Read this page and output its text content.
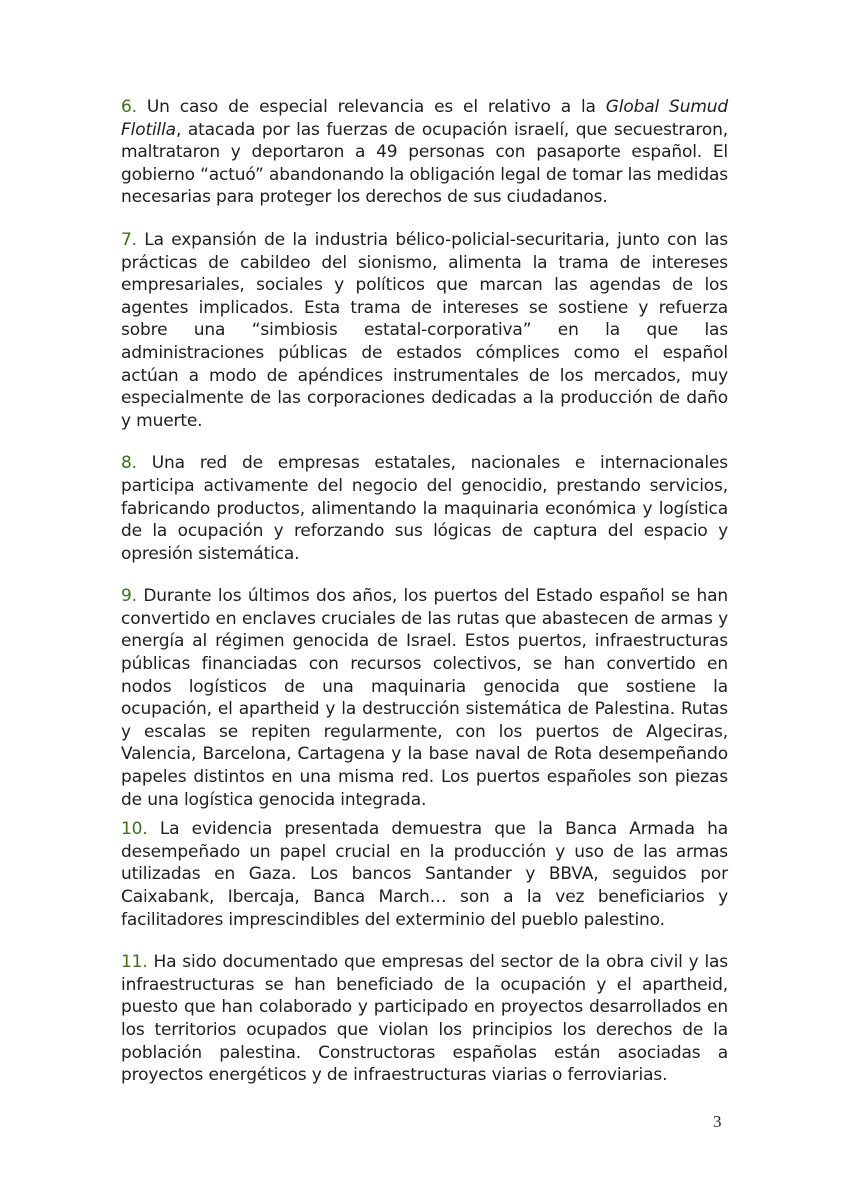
6. Un caso de especial relevancia es el relativo a la Global Sumud Flotilla, atacada por las fuerzas de ocupación israelí, que secuestraron, maltrataron y deportaron a 49 personas con pasaporte español. El gobierno “actuó” abandonando la obligación legal de tomar las medidas necesarias para proteger los derechos de sus ciudadanos.

7. La expansión de la industria bélico-policial-securitaria, junto con las prácticas de cabildeo del sionismo, alimenta la trama de intereses empresariales, sociales y políticos que marcan las agendas de los agentes implicados. Esta trama de intereses se sostiene y refuerza sobre una “simbiosis estatal-corporativa” en la que las administraciones públicas de estados cómplices como el español actúan a modo de apéndices instrumentales de los mercados, muy especialmente de las corporaciones dedicadas a la producción de daño y muerte.

8. Una red de empresas estatales, nacionales e internacionales participa activamente del negocio del genocidio, prestando servicios, fabricando productos, alimentando la maquinaria económica y logística de la ocupación y reforzando sus lógicas de captura del espacio y opresión sistemática.

9. Durante los últimos dos años, los puertos del Estado español se han convertido en enclaves cruciales de las rutas que abastecen de armas y energía al régimen genocida de Israel. Estos puertos, infraestructuras públicas financiadas con recursos colectivos, se han convertido en nodos logísticos de una maquinaria genocida que sostiene la ocupación, el apartheid y la destrucción sistemática de Palestina. Rutas y escalas se repiten regularmente, con los puertos de Algeciras, Valencia, Barcelona, Cartagena y la base naval de Rota desempeñando papeles distintos en una misma red. Los puertos españoles son piezas de una logística genocida integrada.

10. La evidencia presentada demuestra que la Banca Armada ha desempeñado un papel crucial en la producción y uso de las armas utilizadas en Gaza. Los bancos Santander y BBVA, seguidos por Caixabank, Ibercaja, Banca March… son a la vez beneficiarios y facilitadores imprescindibles del exterminio del pueblo palestino.

11. Ha sido documentado que empresas del sector de la obra civil y las infraestructuras se han beneficiado de la ocupación y el apartheid, puesto que han colaborado y participado en proyectos desarrollados en los territorios ocupados que violan los principios los derechos de la población palestina. Constructoras españolas están asociadas a proyectos energéticos y de infraestructuras viarias o ferroviarias.

3
